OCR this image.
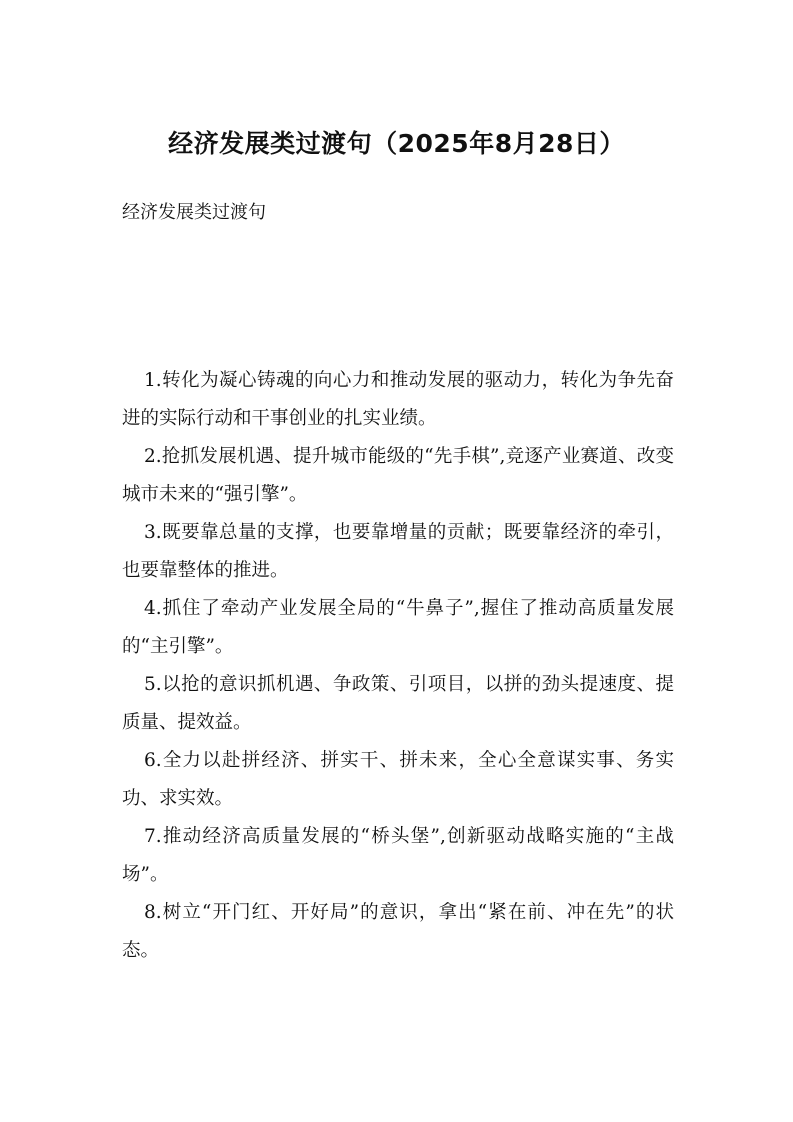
经济发展类过渡句（2025年8月28日）
经济发展类过渡句

1.转化为凝心铸魂的向心力和推动发展的驱动力，转化为争先奋进的实际行动和干事创业的扎实业绩。

2.抢抓发展机遇、提升城市能级的“先手棋”,竞逐产业赛道、改变城市未来的“强引擎”。

3.既要靠总量的支撑，也要靠增量的贡献；既要靠经济的牵引，也要靠整体的推进。

4.抓住了牵动产业发展全局的“牛鼻子”,握住了推动高质量发展的“主引擎”。

5.以抢的意识抓机遇、争政策、引项目，以拼的劲头提速度、提质量、提效益。

6.全力以赴拼经济、拼实干、拼未来，全心全意谋实事、务实功、求实效。

7.推动经济高质量发展的“桥头堡”,创新驱动战略实施的“主战场”。

8.树立“开门红、开好局”的意识，拿出“紧在前、冲在先”的状态。
